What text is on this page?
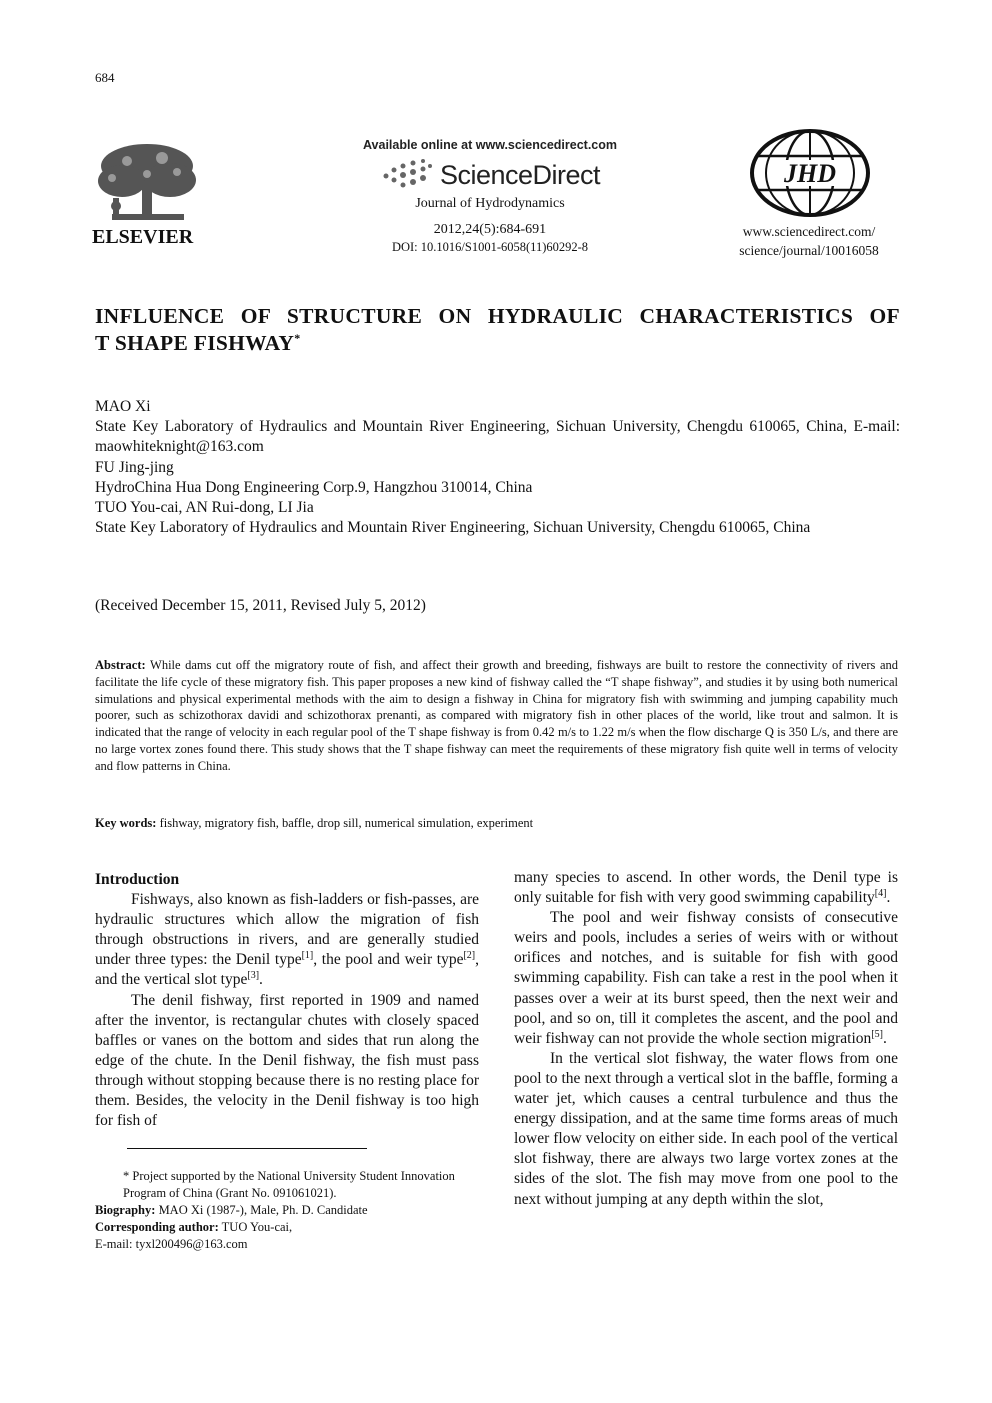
684
ELSEVIER
Available online at www.sciencedirect.com
ScienceDirect
Journal of Hydrodynamics
2012,24(5):684-691
DOI: 10.1016/S1001-6058(11)60292-8
JHD
www.sciencedirect.com/
science/journal/10016058
INFLUENCE OF STRUCTURE ON HYDRAULIC CHARACTERISTICS OF
T SHAPE FISHWAY*
MAO Xi
State Key Laboratory of Hydraulics and Mountain River Engineering, Sichuan University, Chengdu 610065, China, E-mail: maowhiteknight@163.com
FU Jing-jing
HydroChina Hua Dong Engineering Corp.9, Hangzhou 310014, China
TUO You-cai, AN Rui-dong, LI Jia
State Key Laboratory of Hydraulics and Mountain River Engineering, Sichuan University, Chengdu 610065, China
(Received December 15, 2011, Revised July 5, 2012)
Abstract: While dams cut off the migratory route of fish, and affect their growth and breeding, fishways are built to restore the connectivity of rivers and facilitate the life cycle of these migratory fish. This paper proposes a new kind of fishway called the “T shape fishway”, and studies it by using both numerical simulations and physical experimental methods with the aim to design a fishway in China for migratory fish with swimming and jumping capability much poorer, such as schizothorax davidi and schizothorax prenanti, as compared with migratory fish in other places of the world, like trout and salmon. It is indicated that the range of velocity in each regular pool of the T shape fishway is from 0.42 m/s to 1.22 m/s when the flow discharge Q is 350 L/s, and there are no large vortex zones found there. This study shows that the T shape fishway can meet the requirements of these migratory fish quite well in terms of velocity and flow patterns in China.
Key words: fishway, migratory fish, baffle, drop sill, numerical simulation, experiment
Introduction

Fishways, also known as fish-ladders or fish-passes, are hydraulic structures which allow the migration of fish through obstructions in rivers, and are generally studied under three types: the Denil type[1], the pool and weir type[2], and the vertical slot type[3].

The denil fishway, first reported in 1909 and named after the inventor, is rectangular chutes with closely spaced baffles or vanes on the bottom and sides that run along the edge of the chute. In the Denil fishway, the fish must pass through without stopping because there is no resting place for them. Besides, the velocity in the Denil fishway is too high for fish of

many species to ascend. In other words, the Denil type is only suitable for fish with very good swimming capability[4].

The pool and weir fishway consists of consecutive weirs and pools, includes a series of weirs with or without orifices and notches, and is suitable for fish with good swimming capability. Fish can take a rest in the pool when it passes over a weir at its burst speed, then the next weir and pool, and so on, till it completes the ascent, and the pool and weir fishway can not provide the whole section migration[5].

In the vertical slot fishway, the water flows from one pool to the next through a vertical slot in the baffle, forming a water jet, which causes a central turbulence and thus the energy dissipation, and at the same time forms areas of much lower flow velocity on either side. In each pool of the vertical slot fishway, there are always two large vortex zones at the sides of the slot. The fish may move from one pool to the next without jumping at any depth within the slot,

* Project supported by the National University Student Innovation Program of China (Grant No. 091061021).
Biography: MAO Xi (1987-), Male, Ph. D. Candidate
Corresponding author: TUO You-cai,
E-mail: tyxl200496@163.com
